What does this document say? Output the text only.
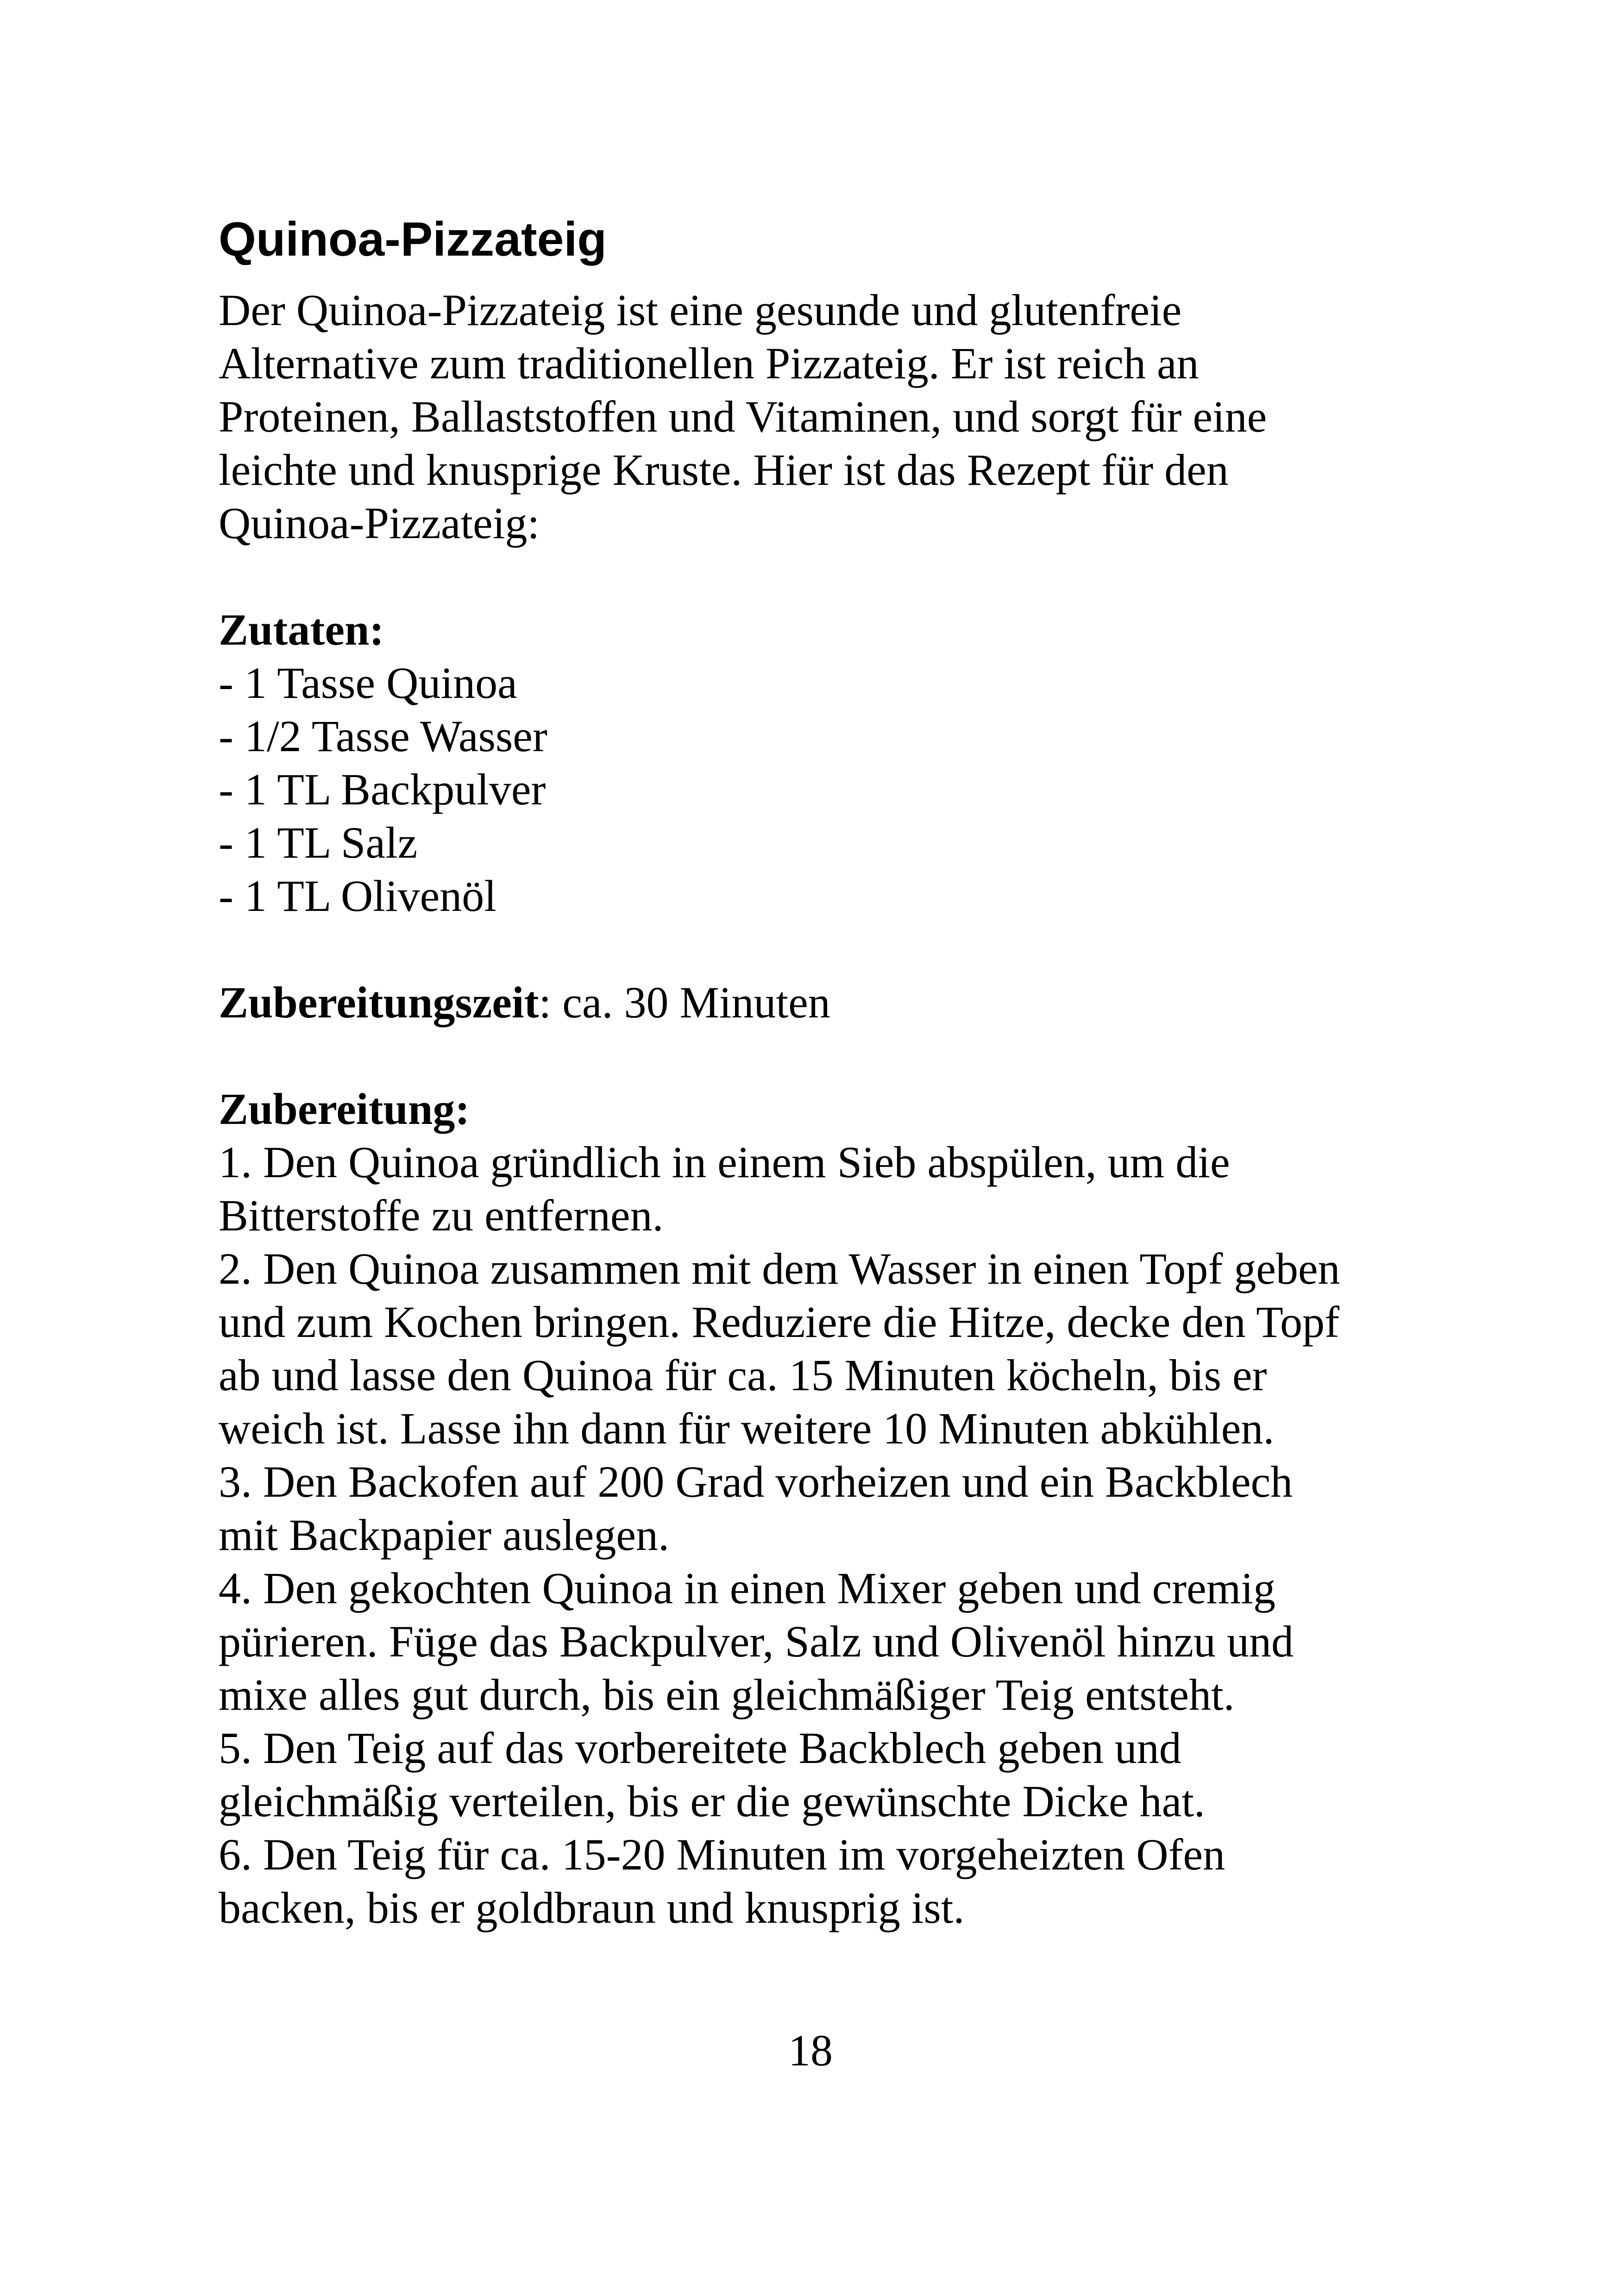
Quinoa-Pizzateig
Der Quinoa-Pizzateig ist eine gesunde und glutenfreie
Alternative zum traditionellen Pizzateig. Er ist reich an
Proteinen, Ballaststoffen und Vitaminen, und sorgt für eine
leichte und knusprige Kruste. Hier ist das Rezept für den
Quinoa-Pizzateig:
Zutaten:
- 1 Tasse Quinoa
- 1/2 Tasse Wasser
- 1 TL Backpulver
- 1 TL Salz
- 1 TL Olivenöl
Zubereitungszeit: ca. 30 Minuten
Zubereitung:
1. Den Quinoa gründlich in einem Sieb abspülen, um die
Bitterstoffe zu entfernen.
2. Den Quinoa zusammen mit dem Wasser in einen Topf geben
und zum Kochen bringen. Reduziere die Hitze, decke den Topf
ab und lasse den Quinoa für ca. 15 Minuten köcheln, bis er
weich ist. Lasse ihn dann für weitere 10 Minuten abkühlen.
3. Den Backofen auf 200 Grad vorheizen und ein Backblech
mit Backpapier auslegen.
4. Den gekochten Quinoa in einen Mixer geben und cremig
pürieren. Füge das Backpulver, Salz und Olivenöl hinzu und
mixe alles gut durch, bis ein gleichmäßiger Teig entsteht.
5. Den Teig auf das vorbereitete Backblech geben und
gleichmäßig verteilen, bis er die gewünschte Dicke hat.
6. Den Teig für ca. 15-20 Minuten im vorgeheizten Ofen
backen, bis er goldbraun und knusprig ist.
18
